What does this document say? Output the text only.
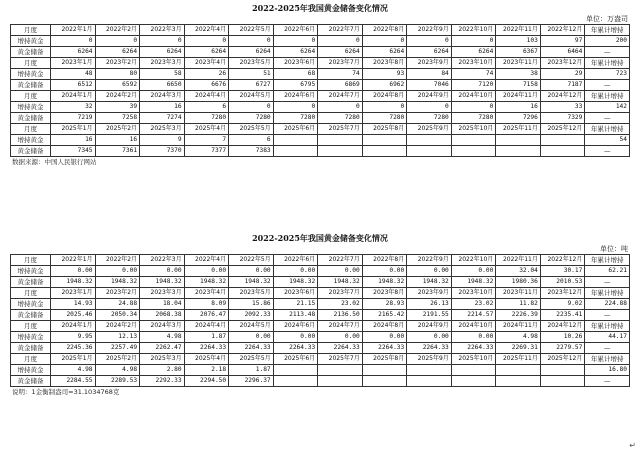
2022-2025年我国黄金储备变化情况
单位：万盎司
月度	2022年1月	2022年2月	2022年3月	2022年4月	2022年5月	2022年6月	2022年7月	2022年8月	2022年9月	2022年10月	2022年11月	2022年12月	年累计增持
增持黄金	0	0	0	0	0	0	0	0	0	0	103	97	200
黄金储备	6264	6264	6264	6264	6264	6264	6264	6264	6264	6264	6367	6464	—
月度	2023年1月	2023年2月	2023年3月	2023年4月	2023年5月	2023年6月	2023年7月	2023年8月	2023年9月	2023年10月	2023年11月	2023年12月	年累计增持
增持黄金	48	80	58	26	51	68	74	93	84	74	38	29	723
黄金储备	6512	6592	6650	6676	6727	6795	6869	6962	7046	7120	7158	7187	—
月度	2024年1月	2024年2月	2024年3月	2024年4月	2024年5月	2024年6月	2024年7月	2024年8月	2024年9月	2024年10月	2024年11月	2024年12月	年累计增持
增持黄金	32	39	16	6	0	0	0	0	0	0	16	33	142
黄金储备	7219	7258	7274	7280	7280	7280	7280	7280	7280	7280	7296	7329	—
月度	2025年1月	2025年2月	2025年3月	2025年4月	2025年5月	2025年6月	2025年7月	2025年8月	2025年9月	2025年10月	2025年11月	2025年12月	年累计增持
增持黄金	16	16	9	7	6								54
黄金储备	7345	7361	7370	7377	7383								—
数据来源：中国人民银行网站
2022-2025年我国黄金储备变化情况
单位：吨
月度	2022年1月	2022年2月	2022年3月	2022年4月	2022年5月	2022年6月	2022年7月	2022年8月	2022年9月	2022年10月	2022年11月	2022年12月	年累计增持
增持黄金	0.00	0.00	0.00	0.00	0.00	0.00	0.00	0.00	0.00	0.00	32.04	30.17	62.21
黄金储备	1948.32	1948.32	1948.32	1948.32	1948.32	1948.32	1948.32	1948.32	1948.32	1948.32	1980.36	2010.53	—
月度	2023年1月	2023年2月	2023年3月	2023年4月	2023年5月	2023年6月	2023年7月	2023年8月	2023年9月	2023年10月	2023年11月	2023年12月	年累计增持
增持黄金	14.93	24.88	18.04	8.09	15.86	21.15	23.02	28.93	26.13	23.02	11.82	9.02	224.88
黄金储备	2025.46	2050.34	2068.38	2076.47	2092.33	2113.48	2136.50	2165.42	2191.55	2214.57	2226.39	2235.41	—
月度	2024年1月	2024年2月	2024年3月	2024年4月	2024年5月	2024年6月	2024年7月	2024年8月	2024年9月	2024年10月	2024年11月	2024年12月	年累计增持
增持黄金	9.95	12.13	4.98	1.87	0.00	0.00	0.00	0.00	0.00	0.00	4.98	10.26	44.17
黄金储备	2245.36	2257.49	2262.47	2264.33	2264.33	2264.33	2264.33	2264.33	2264.33	2264.33	2269.31	2279.57	—
月度	2025年1月	2025年2月	2025年3月	2025年4月	2025年5月	2025年6月	2025年7月	2025年8月	2025年9月	2025年10月	2025年11月	2025年12月	年累计增持
增持黄金	4.98	4.98	2.80	2.18	1.87								16.80
黄金储备	2284.55	2289.53	2292.33	2294.50	2296.37								—
说明：1金衡制盎司=31.1034768克
↵
